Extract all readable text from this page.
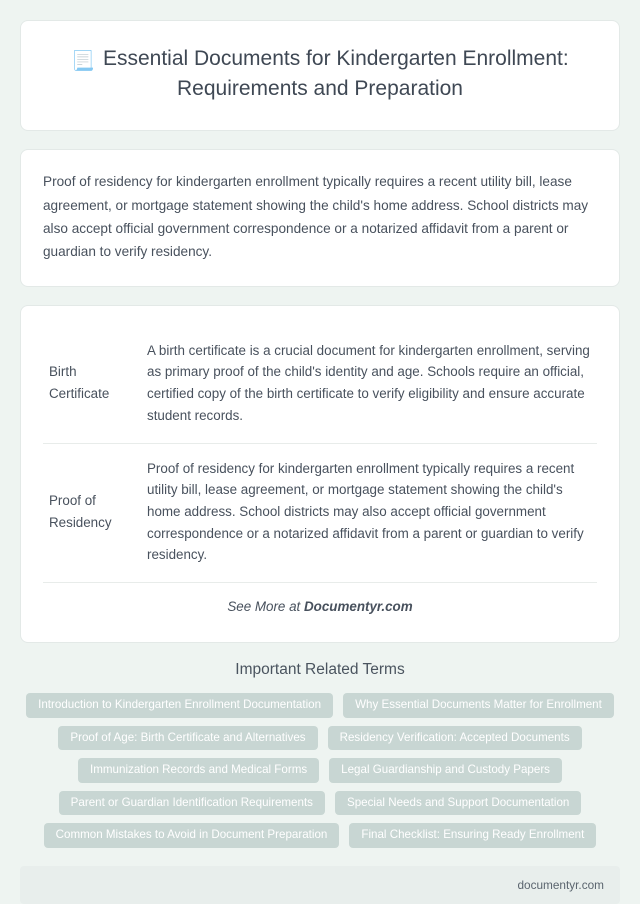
📃 Essential Documents for Kindergarten Enrollment: Requirements and Preparation

Proof of residency for kindergarten enrollment typically requires a recent utility bill, lease agreement, or mortgage statement showing the child's home address. School districts may also accept official government correspondence or a notarized affidavit from a parent or guardian to verify residency.

Birth Certificate	A birth certificate is a crucial document for kindergarten enrollment, serving as primary proof of the child's identity and age. Schools require an official, certified copy of the birth certificate to verify eligibility and ensure accurate student records.
Proof of Residency	Proof of residency for kindergarten enrollment typically requires a recent utility bill, lease agreement, or mortgage statement showing the child's home address. School districts may also accept official government correspondence or a notarized affidavit from a parent or guardian to verify residency.
See More at Documentyr.com
Important Related Terms
Introduction to Kindergarten Enrollment Documentation	Why Essential Documents Matter for Enrollment
Proof of Age: Birth Certificate and Alternatives	Residency Verification: Accepted Documents
Immunization Records and Medical Forms	Legal Guardianship and Custody Papers
Parent or Guardian Identification Requirements	Special Needs and Support Documentation
Common Mistakes to Avoid in Document Preparation	Final Checklist: Ensuring Ready Enrollment
documentyr.com
